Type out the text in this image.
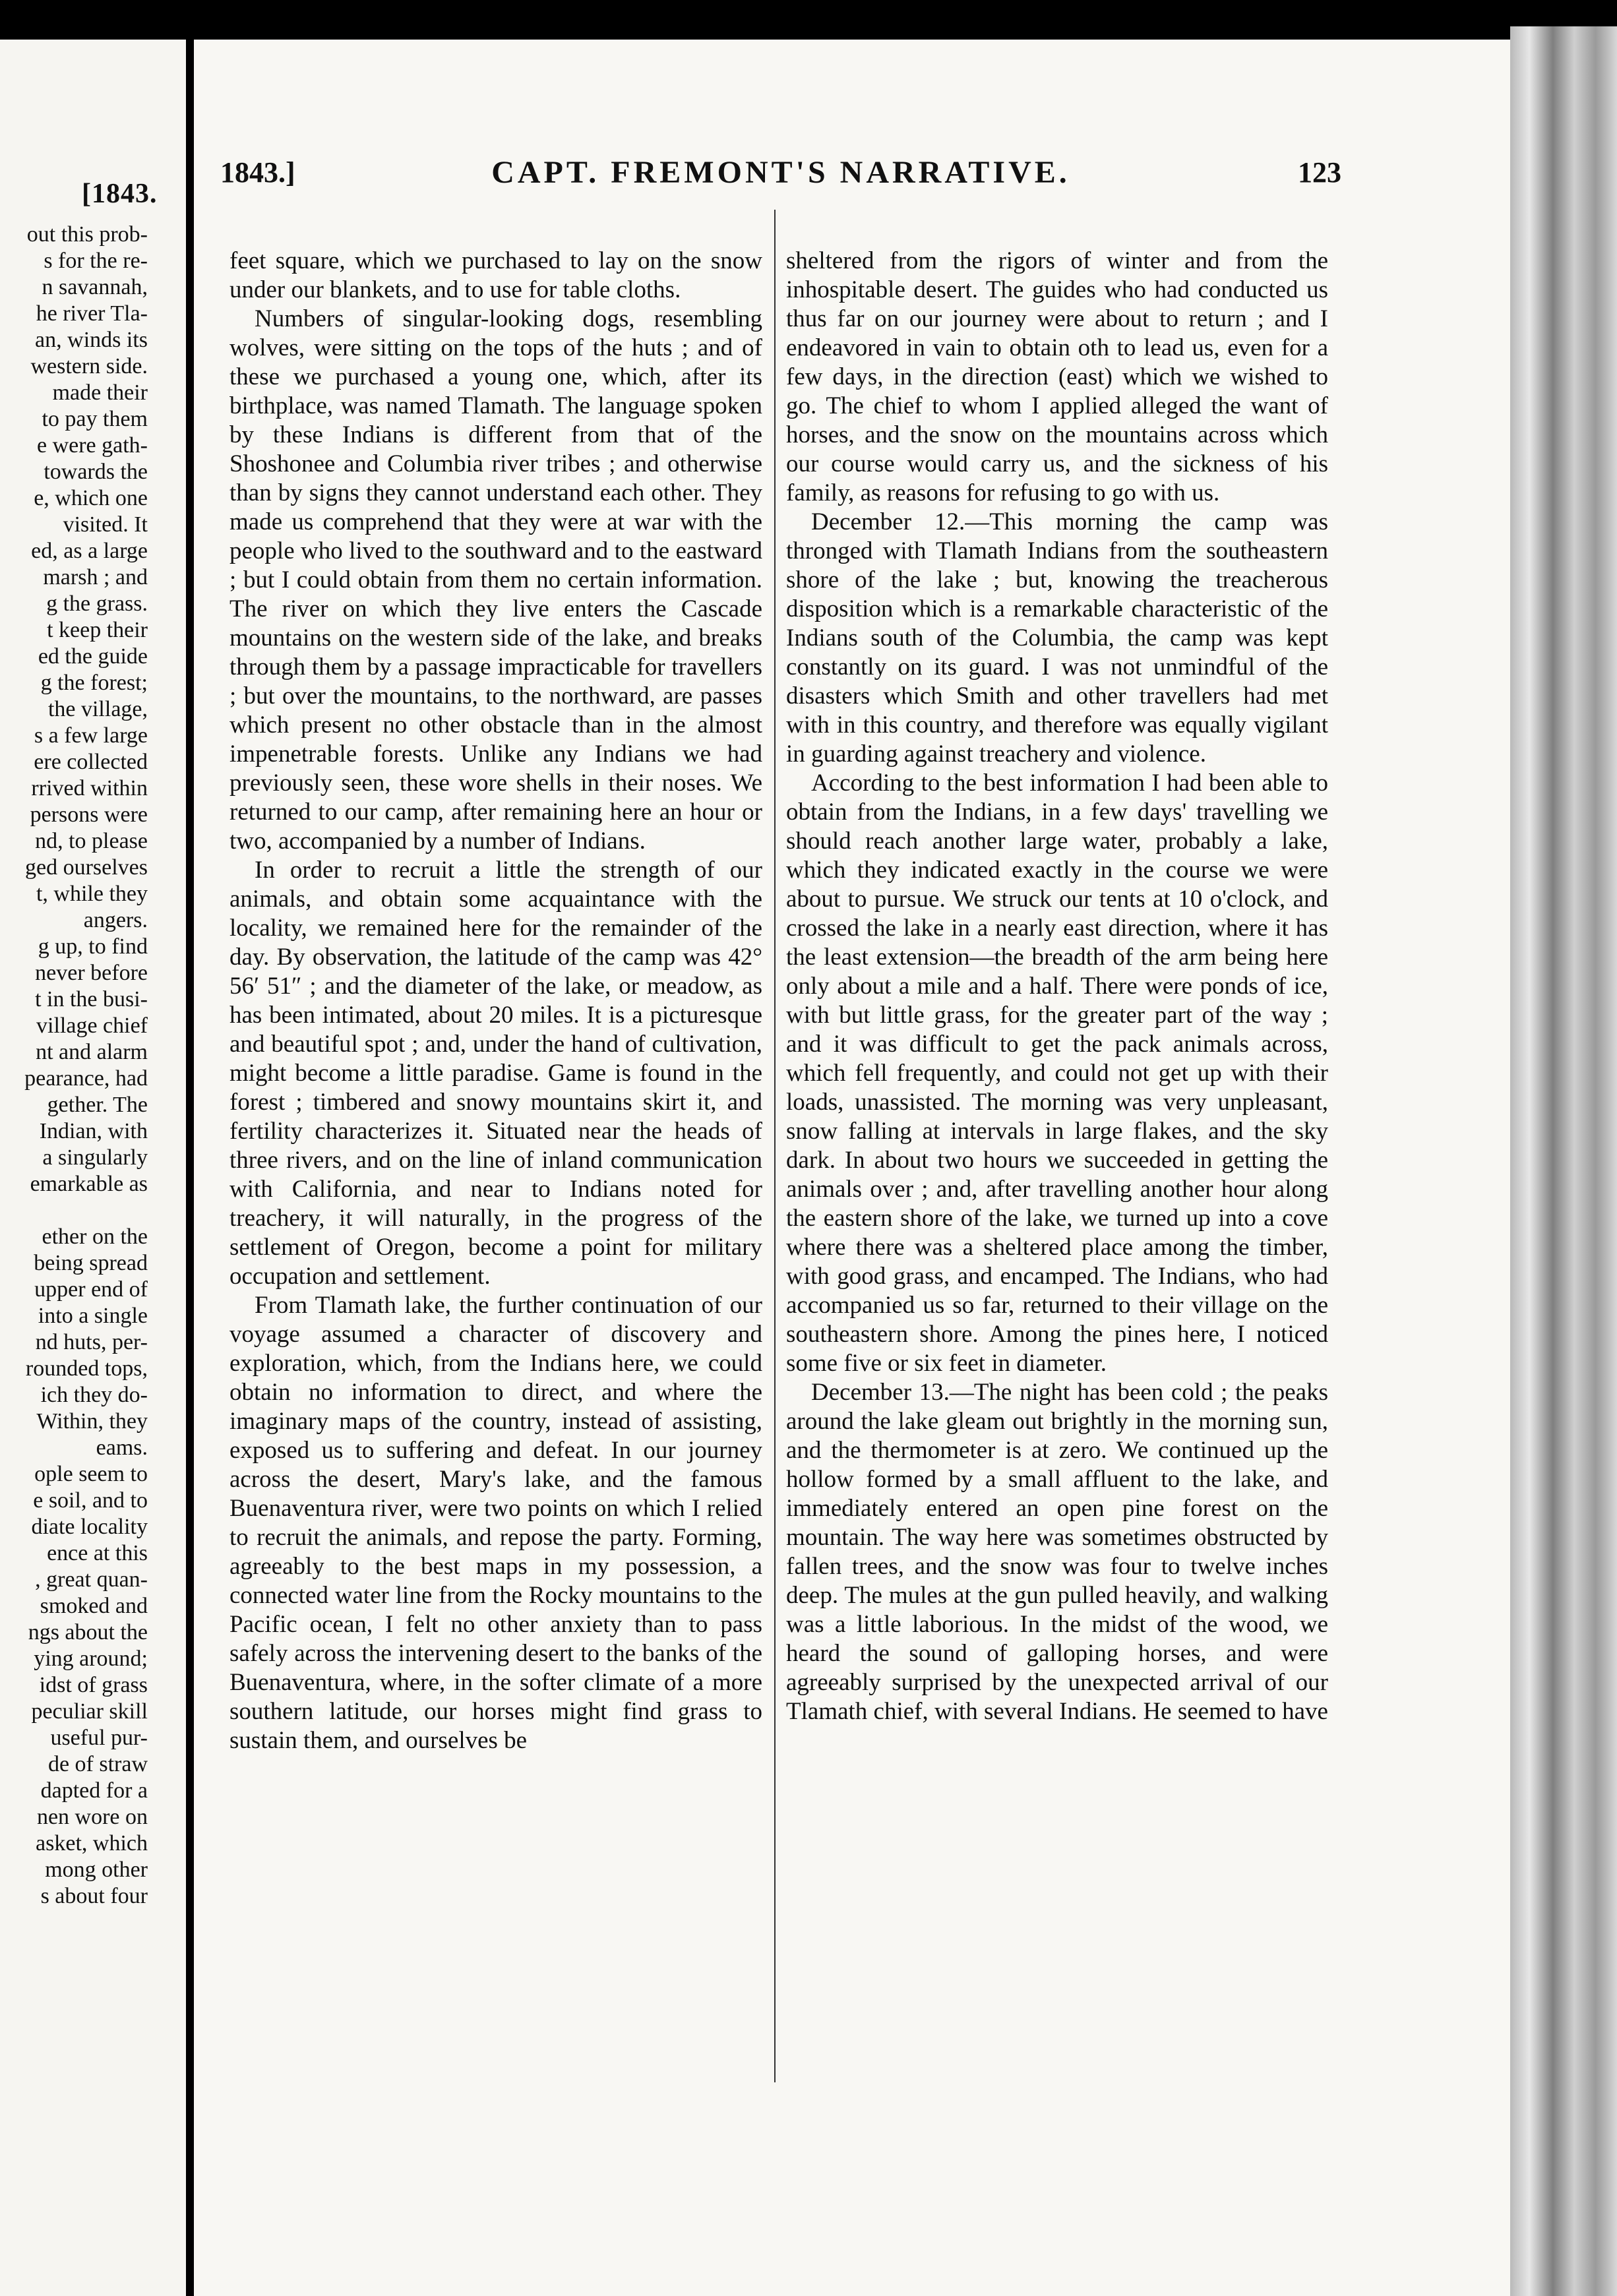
[1843.
out this prob-
s for the re-
n savannah,
he river Tla-
an, winds its
western side.
made their
to pay them
e were gath-
towards the
e, which one
visited. It
ed, as a large
marsh ; and
g the grass.
t keep their
ed the guide
g the forest;
the village,
s a few large
ere collected
rrived within
persons were
nd, to please
ged ourselves
t, while they
angers.
g up, to find
never before
t in the busi-
village chief
nt and alarm
pearance, had
gether. The
Indian, with
a singularly
emarkable as
ether on the
being spread
upper end of
into a single
nd huts, per-
rounded tops,
ich they do-
Within, they
eams.
ople seem to
e soil, and to
diate locality
ence at this
, great quan-
smoked and
ngs about the
ying around;
idst of grass
peculiar skill
useful pur-
de of straw
dapted for a
nen wore on
asket, which
mong other
s about four
1843.]	CAPT. FREMONT'S NARRATIVE.	123

feet square, which we purchased to lay on the snow under our blankets, and to use for table cloths.

Numbers of singular-looking dogs, resembling wolves, were sitting on the tops of the huts ; and of these we purchased a young one, which, after its birthplace, was named Tlamath. The language spoken by these Indians is different from that of the Shoshonee and Columbia river tribes ; and otherwise than by signs they cannot understand each other. They made us comprehend that they were at war with the people who lived to the southward and to the eastward ; but I could obtain from them no certain information. The river on which they live enters the Cascade mountains on the western side of the lake, and breaks through them by a passage impracticable for travellers ; but over the mountains, to the northward, are passes which present no other obstacle than in the almost impenetrable forests. Unlike any Indians we had previously seen, these wore shells in their noses. We returned to our camp, after remaining here an hour or two, accompanied by a number of Indians.

In order to recruit a little the strength of our animals, and obtain some acquaintance with the locality, we remained here for the remainder of the day. By observation, the latitude of the camp was 42° 56′ 51″ ; and the diameter of the lake, or meadow, as has been intimated, about 20 miles. It is a picturesque and beautiful spot ; and, under the hand of cultivation, might become a little paradise. Game is found in the forest ; timbered and snowy mountains skirt it, and fertility characterizes it. Situated near the heads of three rivers, and on the line of inland communication with California, and near to Indians noted for treachery, it will naturally, in the progress of the settlement of Oregon, become a point for military occupation and settlement.

From Tlamath lake, the further continuation of our voyage assumed a character of discovery and exploration, which, from the Indians here, we could obtain no information to direct, and where the imaginary maps of the country, instead of assisting, exposed us to suffering and defeat. In our journey across the desert, Mary's lake, and the famous Buenaventura river, were two points on which I relied to recruit the animals, and repose the party. Forming, agreeably to the best maps in my possession, a connected water line from the Rocky mountains to the Pacific ocean, I felt no other anxiety than to pass safely across the intervening desert to the banks of the Buenaventura, where, in the softer climate of a more southern latitude, our horses might find grass to sustain them, and ourselves be

sheltered from the rigors of winter and from the inhospitable desert. The guides who had conducted us thus far on our journey were about to return ; and I endeavored in vain to obtain oth to lead us, even for a few days, in the direction (east) which we wished to go. The chief to whom I applied alleged the want of horses, and the snow on the mountains across which our course would carry us, and the sickness of his family, as reasons for refusing to go with us.

December 12.—This morning the camp was thronged with Tlamath Indians from the southeastern shore of the lake ; but, knowing the treacherous disposition which is a remarkable characteristic of the Indians south of the Columbia, the camp was kept constantly on its guard. I was not unmindful of the disasters which Smith and other travellers had met with in this country, and therefore was equally vigilant in guarding against treachery and violence.

According to the best information I had been able to obtain from the Indians, in a few days' travelling we should reach another large water, probably a lake, which they indicated exactly in the course we were about to pursue. We struck our tents at 10 o'clock, and crossed the lake in a nearly east direction, where it has the least extension—the breadth of the arm being here only about a mile and a half. There were ponds of ice, with but little grass, for the greater part of the way ; and it was difficult to get the pack animals across, which fell frequently, and could not get up with their loads, unassisted. The morning was very unpleasant, snow falling at intervals in large flakes, and the sky dark. In about two hours we succeeded in getting the animals over ; and, after travelling another hour along the eastern shore of the lake, we turned up into a cove where there was a sheltered place among the timber, with good grass, and encamped. The Indians, who had accompanied us so far, returned to their village on the southeastern shore. Among the pines here, I noticed some five or six feet in diameter.

December 13.—The night has been cold ; the peaks around the lake gleam out brightly in the morning sun, and the thermometer is at zero. We continued up the hollow formed by a small affluent to the lake, and immediately entered an open pine forest on the mountain. The way here was sometimes obstructed by fallen trees, and the snow was four to twelve inches deep. The mules at the gun pulled heavily, and walking was a little laborious. In the midst of the wood, we heard the sound of galloping horses, and were agreeably surprised by the unexpected arrival of our Tlamath chief, with several Indians. He seemed to have
